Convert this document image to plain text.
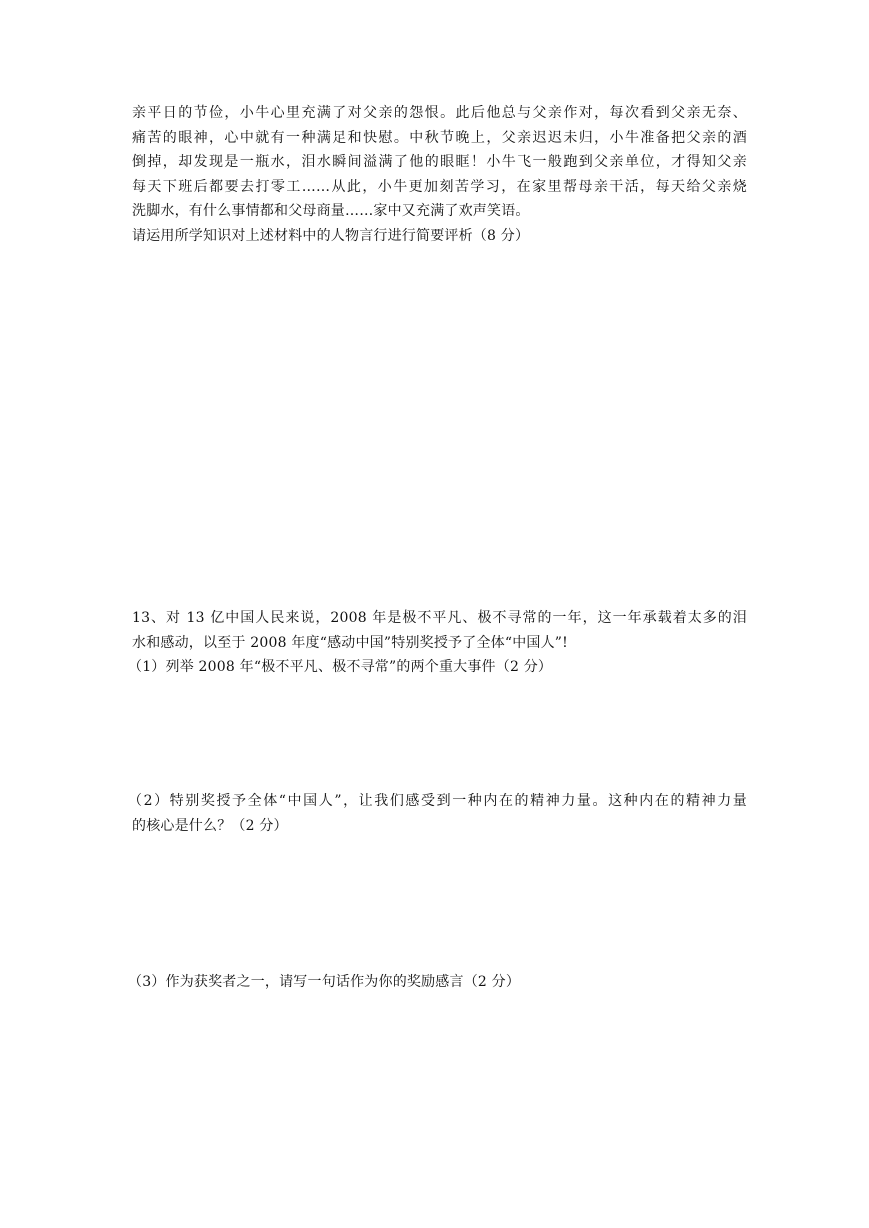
亲平日的节俭，小牛心里充满了对父亲的怨恨。此后他总与父亲作对，每次看到父亲无奈、
痛苦的眼神，心中就有一种满足和快慰。中秋节晚上，父亲迟迟未归，小牛准备把父亲的酒
倒掉，却发现是一瓶水，泪水瞬间溢满了他的眼眶！小牛飞一般跑到父亲单位，才得知父亲
每天下班后都要去打零工……从此，小牛更加刻苦学习，在家里帮母亲干活，每天给父亲烧
洗脚水，有什么事情都和父母商量……家中又充满了欢声笑语。
请运用所学知识对上述材料中的人物言行进行简要评析（8 分）
13、对 13 亿中国人民来说，2008 年是极不平凡、极不寻常的一年，这一年承载着太多的泪
水和感动，以至于 2008 年度“感动中国”特别奖授予了全体“中国人”!
（1）列举 2008 年“极不平凡、极不寻常”的两个重大事件（2 分）
（2）特别奖授予全体“中国人”，让我们感受到一种内在的精神力量。这种内在的精神力量
的核心是什么？（2 分）
（3）作为获奖者之一，请写一句话作为你的奖励感言（2 分）
